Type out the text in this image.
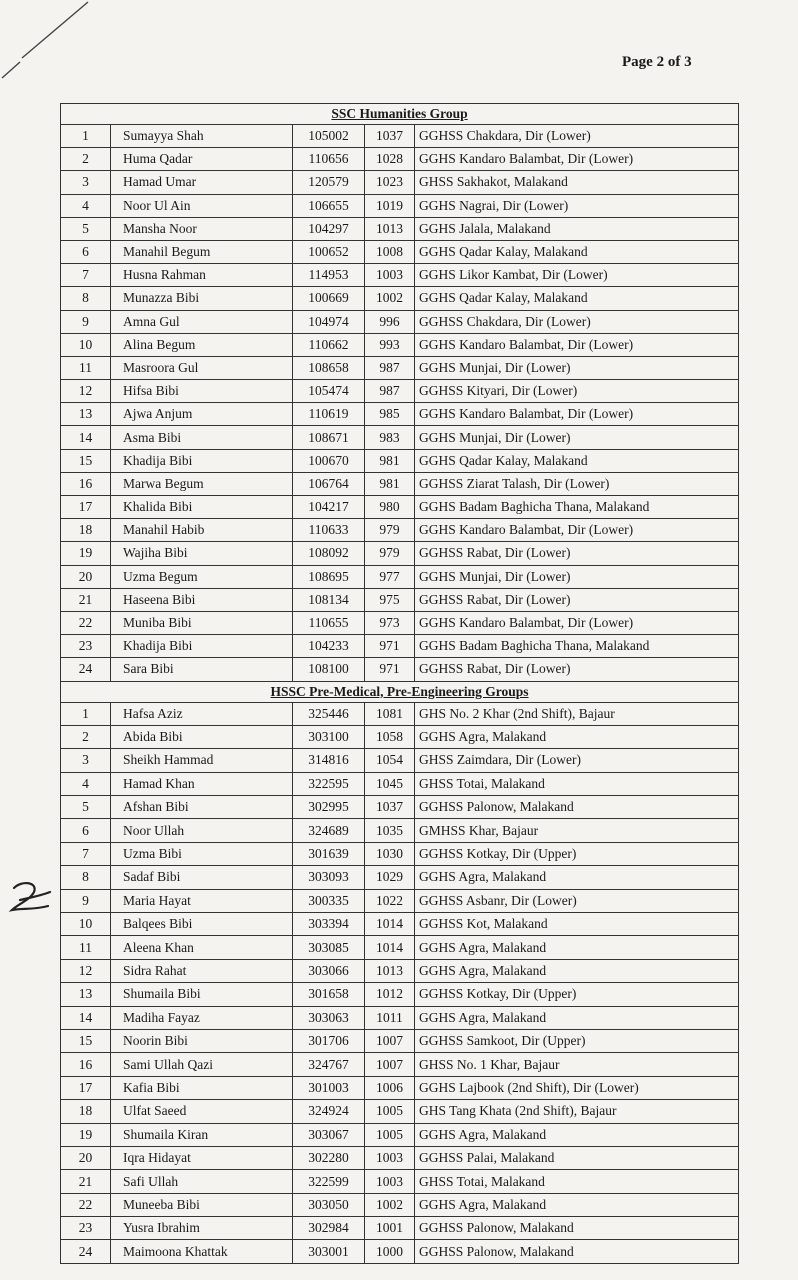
Page 2 of 3
SSC Humanities Group				
1	Sumayya Shah	105002	1037	GGHSS Chakdara, Dir (Lower)
2	Huma Qadar	110656	1028	GGHS Kandaro Balambat, Dir (Lower)
3	Hamad Umar	120579	1023	GHSS Sakhakot, Malakand
4	Noor Ul Ain	106655	1019	GGHS Nagrai, Dir (Lower)
5	Mansha Noor	104297	1013	GGHS Jalala, Malakand
6	Manahil Begum	100652	1008	GGHS Qadar Kalay, Malakand
7	Husna Rahman	114953	1003	GGHS Likor Kambat, Dir (Lower)
8	Munazza Bibi	100669	1002	GGHS Qadar Kalay, Malakand
9	Amna Gul	104974	996	GGHSS Chakdara, Dir (Lower)
10	Alina Begum	110662	993	GGHS Kandaro Balambat, Dir (Lower)
11	Masroora Gul	108658	987	GGHS Munjai, Dir (Lower)
12	Hifsa Bibi	105474	987	GGHSS Kityari, Dir (Lower)
13	Ajwa Anjum	110619	985	GGHS Kandaro Balambat, Dir (Lower)
14	Asma Bibi	108671	983	GGHS Munjai, Dir (Lower)
15	Khadija Bibi	100670	981	GGHS Qadar Kalay, Malakand
16	Marwa Begum	106764	981	GGHSS Ziarat Talash, Dir (Lower)
17	Khalida Bibi	104217	980	GGHS Badam Baghicha Thana, Malakand
18	Manahil Habib	110633	979	GGHS Kandaro Balambat, Dir (Lower)
19	Wajiha Bibi	108092	979	GGHSS Rabat, Dir (Lower)
20	Uzma Begum	108695	977	GGHS Munjai, Dir (Lower)
21	Haseena Bibi	108134	975	GGHSS Rabat, Dir (Lower)
22	Muniba Bibi	110655	973	GGHS Kandaro Balambat, Dir (Lower)
23	Khadija Bibi	104233	971	GGHS Badam Baghicha Thana, Malakand
24	Sara Bibi	108100	971	GGHSS Rabat, Dir (Lower)
HSSC Pre-Medical, Pre-Engineering Groups				
1	Hafsa Aziz	325446	1081	GHS No. 2 Khar (2nd Shift), Bajaur
2	Abida Bibi	303100	1058	GGHS Agra, Malakand
3	Sheikh Hammad	314816	1054	GHSS Zaimdara, Dir (Lower)
4	Hamad Khan	322595	1045	GHSS Totai, Malakand
5	Afshan Bibi	302995	1037	GGHSS Palonow, Malakand
6	Noor Ullah	324689	1035	GMHSS Khar, Bajaur
7	Uzma Bibi	301639	1030	GGHSS Kotkay, Dir (Upper)
8	Sadaf Bibi	303093	1029	GGHS Agra, Malakand
9	Maria Hayat	300335	1022	GGHSS Asbanr, Dir (Lower)
10	Balqees Bibi	303394	1014	GGHSS Kot, Malakand
11	Aleena Khan	303085	1014	GGHS Agra, Malakand
12	Sidra Rahat	303066	1013	GGHS Agra, Malakand
13	Shumaila Bibi	301658	1012	GGHSS Kotkay, Dir (Upper)
14	Madiha Fayaz	303063	1011	GGHS Agra, Malakand
15	Noorin Bibi	301706	1007	GGHSS Samkoot, Dir (Upper)
16	Sami Ullah Qazi	324767	1007	GHSS No. 1 Khar, Bajaur
17	Kafia Bibi	301003	1006	GGHS Lajbook (2nd Shift), Dir (Lower)
18	Ulfat Saeed	324924	1005	GHS Tang Khata (2nd Shift), Bajaur
19	Shumaila Kiran	303067	1005	GGHS Agra, Malakand
20	Iqra Hidayat	302280	1003	GGHSS Palai, Malakand
21	Safi Ullah	322599	1003	GHSS Totai, Malakand
22	Muneeba Bibi	303050	1002	GGHS Agra, Malakand
23	Yusra Ibrahim	302984	1001	GGHSS Palonow, Malakand
24	Maimoona Khattak	303001	1000	GGHSS Palonow, Malakand
